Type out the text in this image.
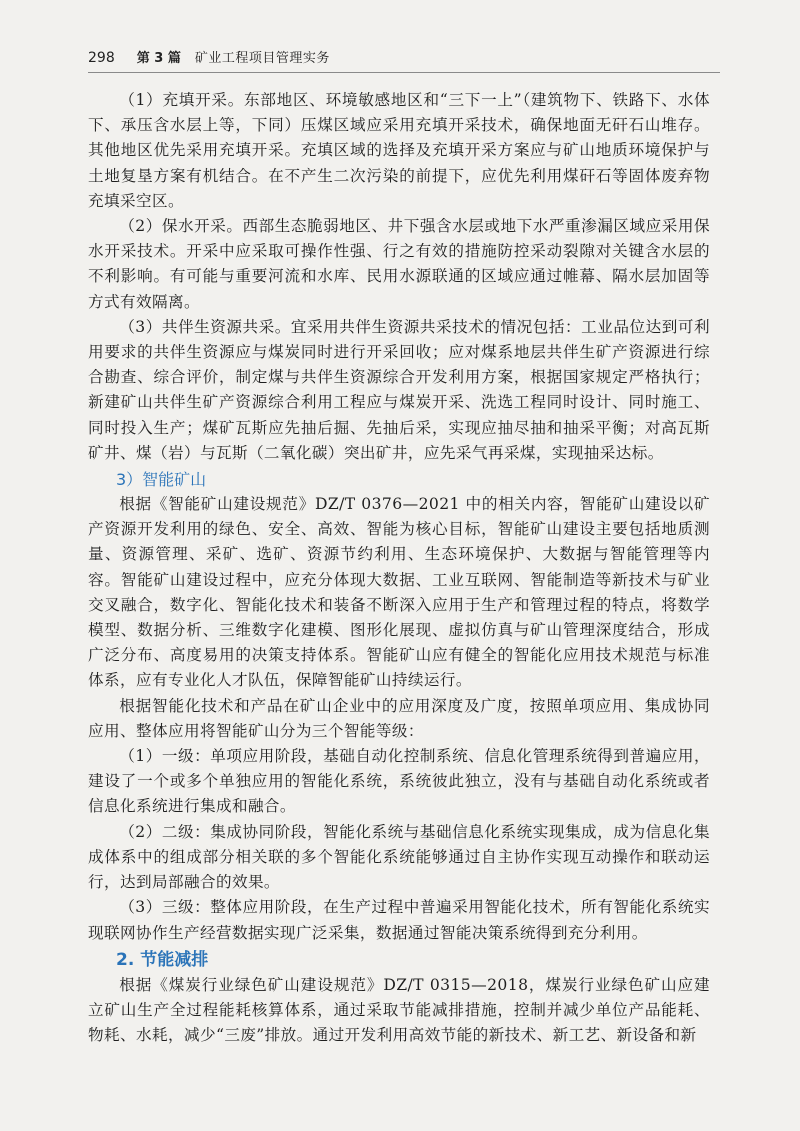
298 第 3 篇 矿业工程项目管理实务

（1）充填开采。东部地区、环境敏感地区和“三下一上”（建筑物下、铁路下、水体下、承压含水层上等，下同）压煤区域应采用充填开采技术，确保地面无矸石山堆存。其他地区优先采用充填开采。充填区域的选择及充填开采方案应与矿山地质环境保护与土地复垦方案有机结合。在不产生二次污染的前提下，应优先利用煤矸石等固体废弃物充填采空区。

（2）保水开采。西部生态脆弱地区、井下强含水层或地下水严重渗漏区域应采用保水开采技术。开采中应采取可操作性强、行之有效的措施防控采动裂隙对关键含水层的不利影响。有可能与重要河流和水库、民用水源联通的区域应通过帷幕、隔水层加固等方式有效隔离。

（3）共伴生资源共采。宜采用共伴生资源共采技术的情况包括：工业品位达到可利用要求的共伴生资源应与煤炭同时进行开采回收；应对煤系地层共伴生矿产资源进行综合勘查、综合评价，制定煤与共伴生资源综合开发利用方案，根据国家规定严格执行；新建矿山共伴生矿产资源综合利用工程应与煤炭开采、洗选工程同时设计、同时施工、同时投入生产；煤矿瓦斯应先抽后掘、先抽后采，实现应抽尽抽和抽采平衡；对高瓦斯矿井、煤（岩）与瓦斯（二氧化碳）突出矿井，应先采气再采煤，实现抽采达标。

3）智能矿山

根据《智能矿山建设规范》DZ/T 0376—2021 中的相关内容，智能矿山建设以矿产资源开发利用的绿色、安全、高效、智能为核心目标，智能矿山建设主要包括地质测量、资源管理、采矿、选矿、资源节约利用、生态环境保护、大数据与智能管理等内容。智能矿山建设过程中，应充分体现大数据、工业互联网、智能制造等新技术与矿业交叉融合，数字化、智能化技术和装备不断深入应用于生产和管理过程的特点，将数学模型、数据分析、三维数字化建模、图形化展现、虚拟仿真与矿山管理深度结合，形成广泛分布、高度易用的决策支持体系。智能矿山应有健全的智能化应用技术规范与标准体系，应有专业化人才队伍，保障智能矿山持续运行。

根据智能化技术和产品在矿山企业中的应用深度及广度，按照单项应用、集成协同应用、整体应用将智能矿山分为三个智能等级：

（1）一级：单项应用阶段，基础自动化控制系统、信息化管理系统得到普遍应用，建设了一个或多个单独应用的智能化系统，系统彼此独立，没有与基础自动化系统或者信息化系统进行集成和融合。

（2）二级：集成协同阶段，智能化系统与基础信息化系统实现集成，成为信息化集成体系中的组成部分相关联的多个智能化系统能够通过自主协作实现互动操作和联动运行，达到局部融合的效果。

（3）三级：整体应用阶段，在生产过程中普遍采用智能化技术，所有智能化系统实现联网协作生产经营数据实现广泛采集，数据通过智能决策系统得到充分利用。

2. 节能减排

根据《煤炭行业绿色矿山建设规范》DZ/T 0315—2018，煤炭行业绿色矿山应建立矿山生产全过程能耗核算体系，通过采取节能减排措施，控制并减少单位产品能耗、物耗、水耗，减少“三废”排放。通过开发利用高效节能的新技术、新工艺、新设备和新
